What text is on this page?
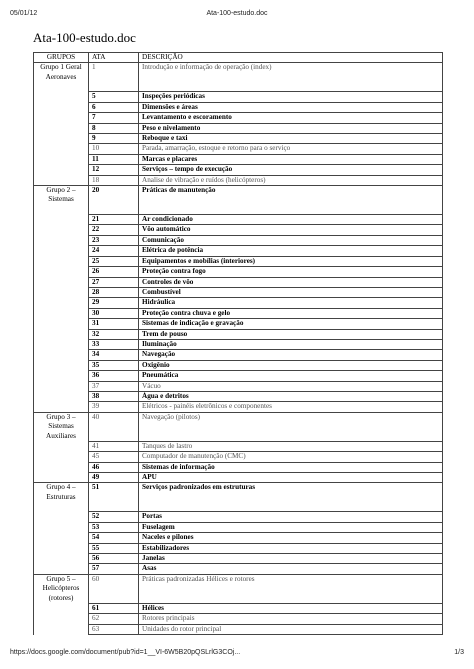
05/01/12	Ata-100-estudo.doc
Ata-100-estudo.doc
GRUPOS	ATA	DESCRIÇÃO
Grupo 1 Geral Aeronaves	1	Introdução e informação de operação (index)
	5	Inspeções periódicas
	6	Dimensões e áreas
	7	Levantamento e escoramento
	8	Peso e nivelamento
	9	Reboque e taxi
	10	Parada, amarração, estoque e retorno para o serviço
	11	Marcas e placares
	12	Serviços – tempo de execução
	18	Analise de vibração e ruídos (helicópteros)
Grupo 2 – Sistemas	20	Práticas de manutenção
	21	Ar condicionado
	22	Vôo automático
	23	Comunicação
	24	Elétrica de potência
	25	Equipamentos e mobílias (interiores)
	26	Proteção contra fogo
	27	Controles de vôo
	28	Combustível
	29	Hidráulica
	30	Proteção contra chuva e gelo
	31	Sistemas de indicação e gravação
	32	Trem de pouso
	33	Iluminação
	34	Navegação
	35	Oxigênio
	36	Pneumática
	37	Vácuo
	38	Água e detritos
	39	Elétricos - painéis eletrônicos e componentes
Grupo 3 – Sistemas Auxiliares	40	Navegação (pilotos)
	41	Tanques de lastro
	45	Computador de manutenção (CMC)
	46	Sistemas de informação
	49	APU
Grupo 4 – Estruturas	51	Serviços padronizados em estruturas
	52	Portas
	53	Fuselagem
	54	Naceles e pilones
	55	Estabilizadores
	56	Janelas
	57	Asas
Grupo 5 – Helicópteros (rotores)	60	Práticas padronizadas Hélices e rotores
	61	Hélices
	62	Rotores principais
	63	Unidades do rotor principal
https://docs.google.com/document/pub?id=1__VI-6W5B20pQSLrlG3COj...	1/3
